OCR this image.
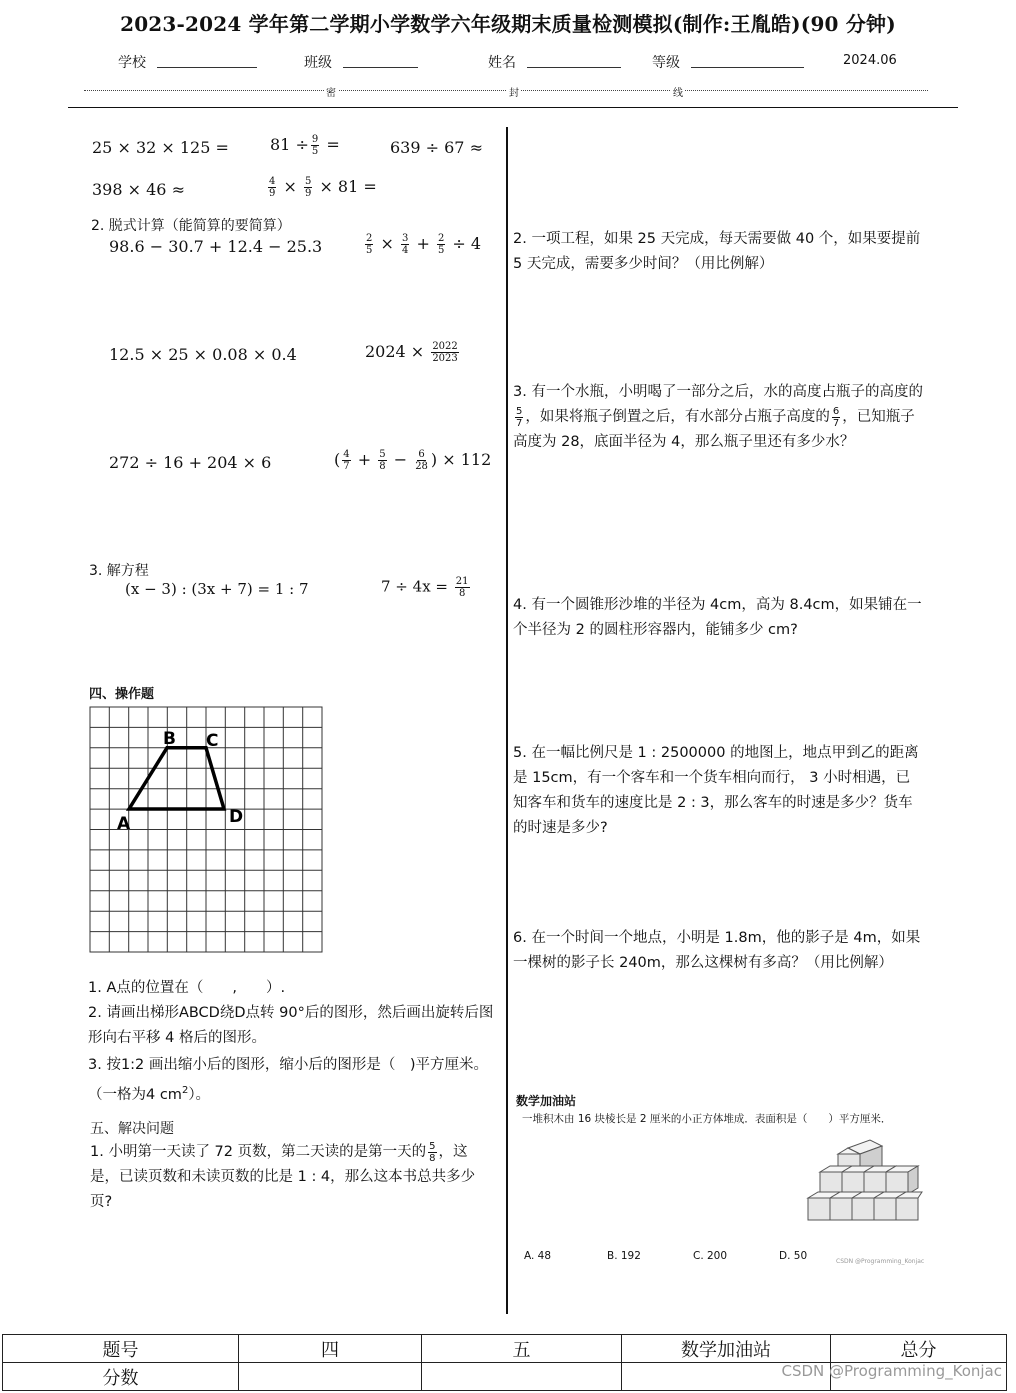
2023-2024 学年第二学期小学数学六年级期末质量检测模拟(制作:王胤皓)(90 分钟)
学校	班级	姓名	等级	2024.06
密	封	线
25 × 32 × 125 =	$81 \div \frac{9}{5}$ =	639 ÷ 67 ≈
398 × 46 ≈	$\frac{4}{9} \times \frac{5}{9} \times 81$ =
2. 脱式计算（能简算的要简算）
98.6 − 30.7 + 12.4 − 25.3	$\frac{2}{5} \times \frac{3}{4} + \frac{2}{5} \div 4$
12.5 × 25 × 0.08 × 0.4	$2024 \times \frac{2022}{2023}$
272 ÷ 16 + 204 × 6	( $\frac{4}{7} + \frac{5}{8} - \frac{6}{28}$ ) × 112
3. 解方程
(x − 3) : (3x + 7) = 1 : 7	$7 \div 4x = \frac{21}{8}$
四、操作题
A
B C
D
1. A点的位置在（　　,　　）.
2. 请画出梯形ABCD绕D点转 90°后的图形，然后画出旋转后图形向右平移 4 格后的图形。
3. 按1:2 画出缩小后的图形，缩小后的图形是（　)平方厘米。（一格为4 $cm^2$）。
五、解决问题
1. 小明第一天读了 72 页数，第二天读的是第一天的 $\frac{5}{8}$ ，这是，已读页数和未读页数的比是 1 : 4，那么这本书总共多少页?
2. 一项工程，如果 25 天完成，每天需要做 40 个，如果要提前 5 天完成，需要多少时间？（用比例解）
3. 有一个水瓶，小明喝了一部分之后，水的高度占瓶子的高度的
$\frac{5}{7}$ ，如果将瓶子倒置之后，有水部分占瓶子高度的 $\frac{6}{7}$ ，已知瓶子高度为 28，底面半径为 4，那么瓶子里还有多少水？
4. 有一个圆锥形沙堆的半径为 4cm，高为 8.4cm，如果铺在一个半径为 2 的圆柱形容器内，能铺多少 cm?
5. 在一幅比例尺是 1 : 2500000 的地图上，地点甲到乙的距离是 15cm，有一个客车和一个货车相向而行， 3 小时相遇，已知客车和货车的速度比是 2 : 3，那么客车的时速是多少？货车的时速是多少?
6. 在一个时间一个地点，小明是 1.8m，他的影子是 4m，如果一棵树的影子长 240m，那么这棵树有多高？（用比例解）
数学加油站
一堆积木由 16 块棱长是 2 厘米的小正方体堆成．表面积是（　　）平方厘米．
A. 48	B. 192	C. 200	D. 50	CSDN @Programming_Konjac
题号	四	五	数学加油站	总分
分数					CSDN @Programming_Konjac
